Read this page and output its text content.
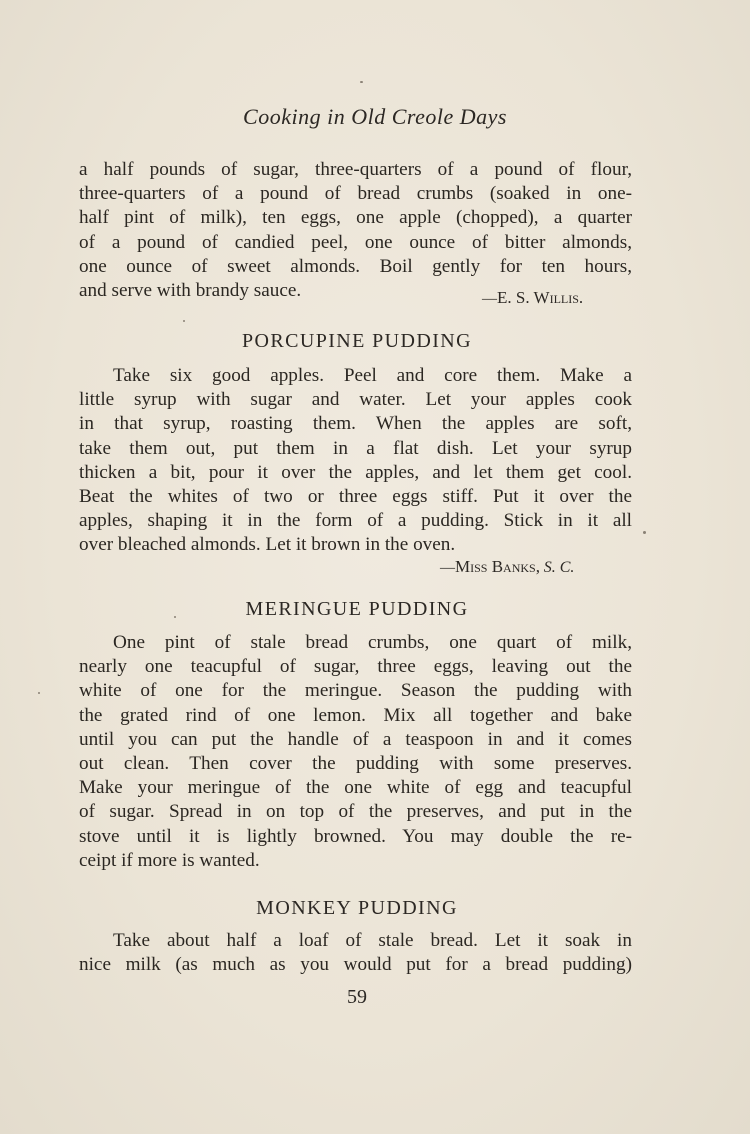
Cooking in Old Creole Days
a half pounds of sugar, three-quarters of a pound of flour,
three-quarters of a pound of bread crumbs (soaked in one-
half pint of milk), ten eggs, one apple (chopped), a quarter
of a pound of candied peel, one ounce of bitter almonds,
one ounce of sweet almonds. Boil gently for ten hours,
and serve with brandy sauce.	—E. S. Willis.
PORCUPINE PUDDING
Take six good apples. Peel and core them. Make a
little syrup with sugar and water. Let your apples cook
in that syrup, roasting them. When the apples are soft,
take them out, put them in a flat dish. Let your syrup
thicken a bit, pour it over the apples, and let them get cool.
Beat the whites of two or three eggs stiff. Put it over the
apples, shaping it in the form of a pudding. Stick in it all
over bleached almonds. Let it brown in the oven.
—Miss Banks, S. C.
MERINGUE PUDDING
One pint of stale bread crumbs, one quart of milk,
nearly one teacupful of sugar, three eggs, leaving out the
white of one for the meringue. Season the pudding with
the grated rind of one lemon. Mix all together and bake
until you can put the handle of a teaspoon in and it comes
out clean. Then cover the pudding with some preserves.
Make your meringue of the one white of egg and teacupful
of sugar. Spread in on top of the preserves, and put in the
stove until it is lightly browned. You may double the re-
ceipt if more is wanted.
MONKEY PUDDING
Take about half a loaf of stale bread. Let it soak in
nice milk (as much as you would put for a bread pudding)
59
